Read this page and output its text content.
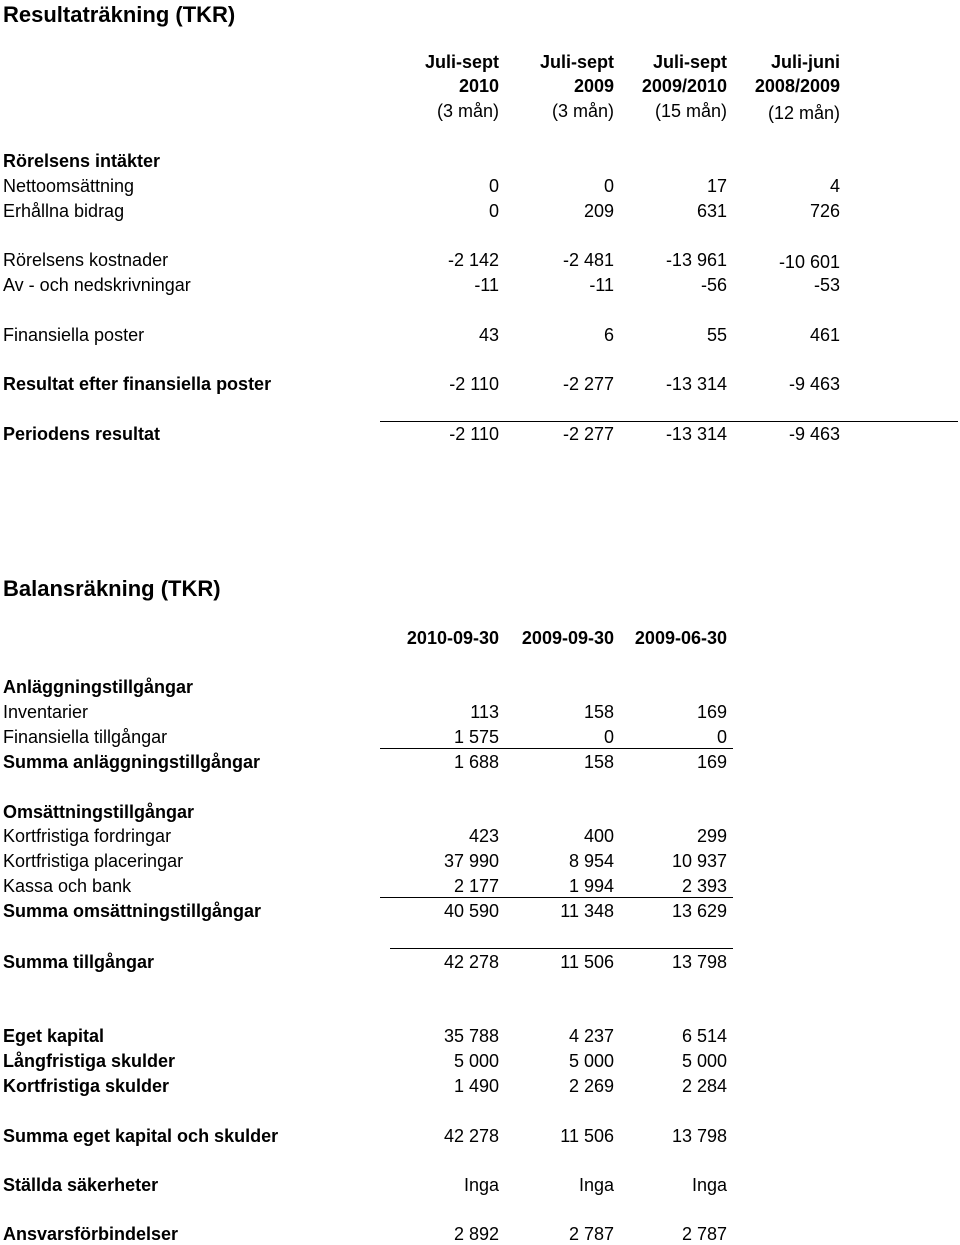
Resultaträkning (TKR)
Juli-sept
2010
(3 mån)
Juli-sept
2009
(3 mån)
Juli-sept
2009/2010
(15 mån)
Juli-juni
2008/2009
(12 mån)
Rörelsens intäkter
Nettoomsättning	0	0	17	4
Erhållna bidrag	0	209	631	726
Rörelsens kostnader	-2 142	-2 481	-13 961	-10 601
Av - och nedskrivningar	-11	-11	-56	-53
Finansiella poster	43	6	55	461
Resultat efter finansiella poster	-2 110	-2 277	-13 314	-9 463
Periodens resultat	-2 110	-2 277	-13 314	-9 463
Balansräkning (TKR)
2010-09-30	2009-09-30	2009-06-30
Anläggningstillgångar
Inventarier	113	158	169
Finansiella tillgångar	1 575	0	0
Summa anläggningstillgångar	1 688	158	169
Omsättningstillgångar
Kortfristiga fordringar	423	400	299
Kortfristiga placeringar	37 990	8 954	10 937
Kassa och bank	2 177	1 994	2 393
Summa omsättningstillgångar	40 590	11 348	13 629
Summa tillgångar	42 278	11 506	13 798
Eget kapital	35 788	4 237	6 514
Långfristiga skulder	5 000	5 000	5 000
Kortfristiga skulder	1 490	2 269	2 284
Summa eget kapital och skulder	42 278	11 506	13 798
Ställda säkerheter	Inga	Inga	Inga
Ansvarsförbindelser	2 892	2 787	2 787
